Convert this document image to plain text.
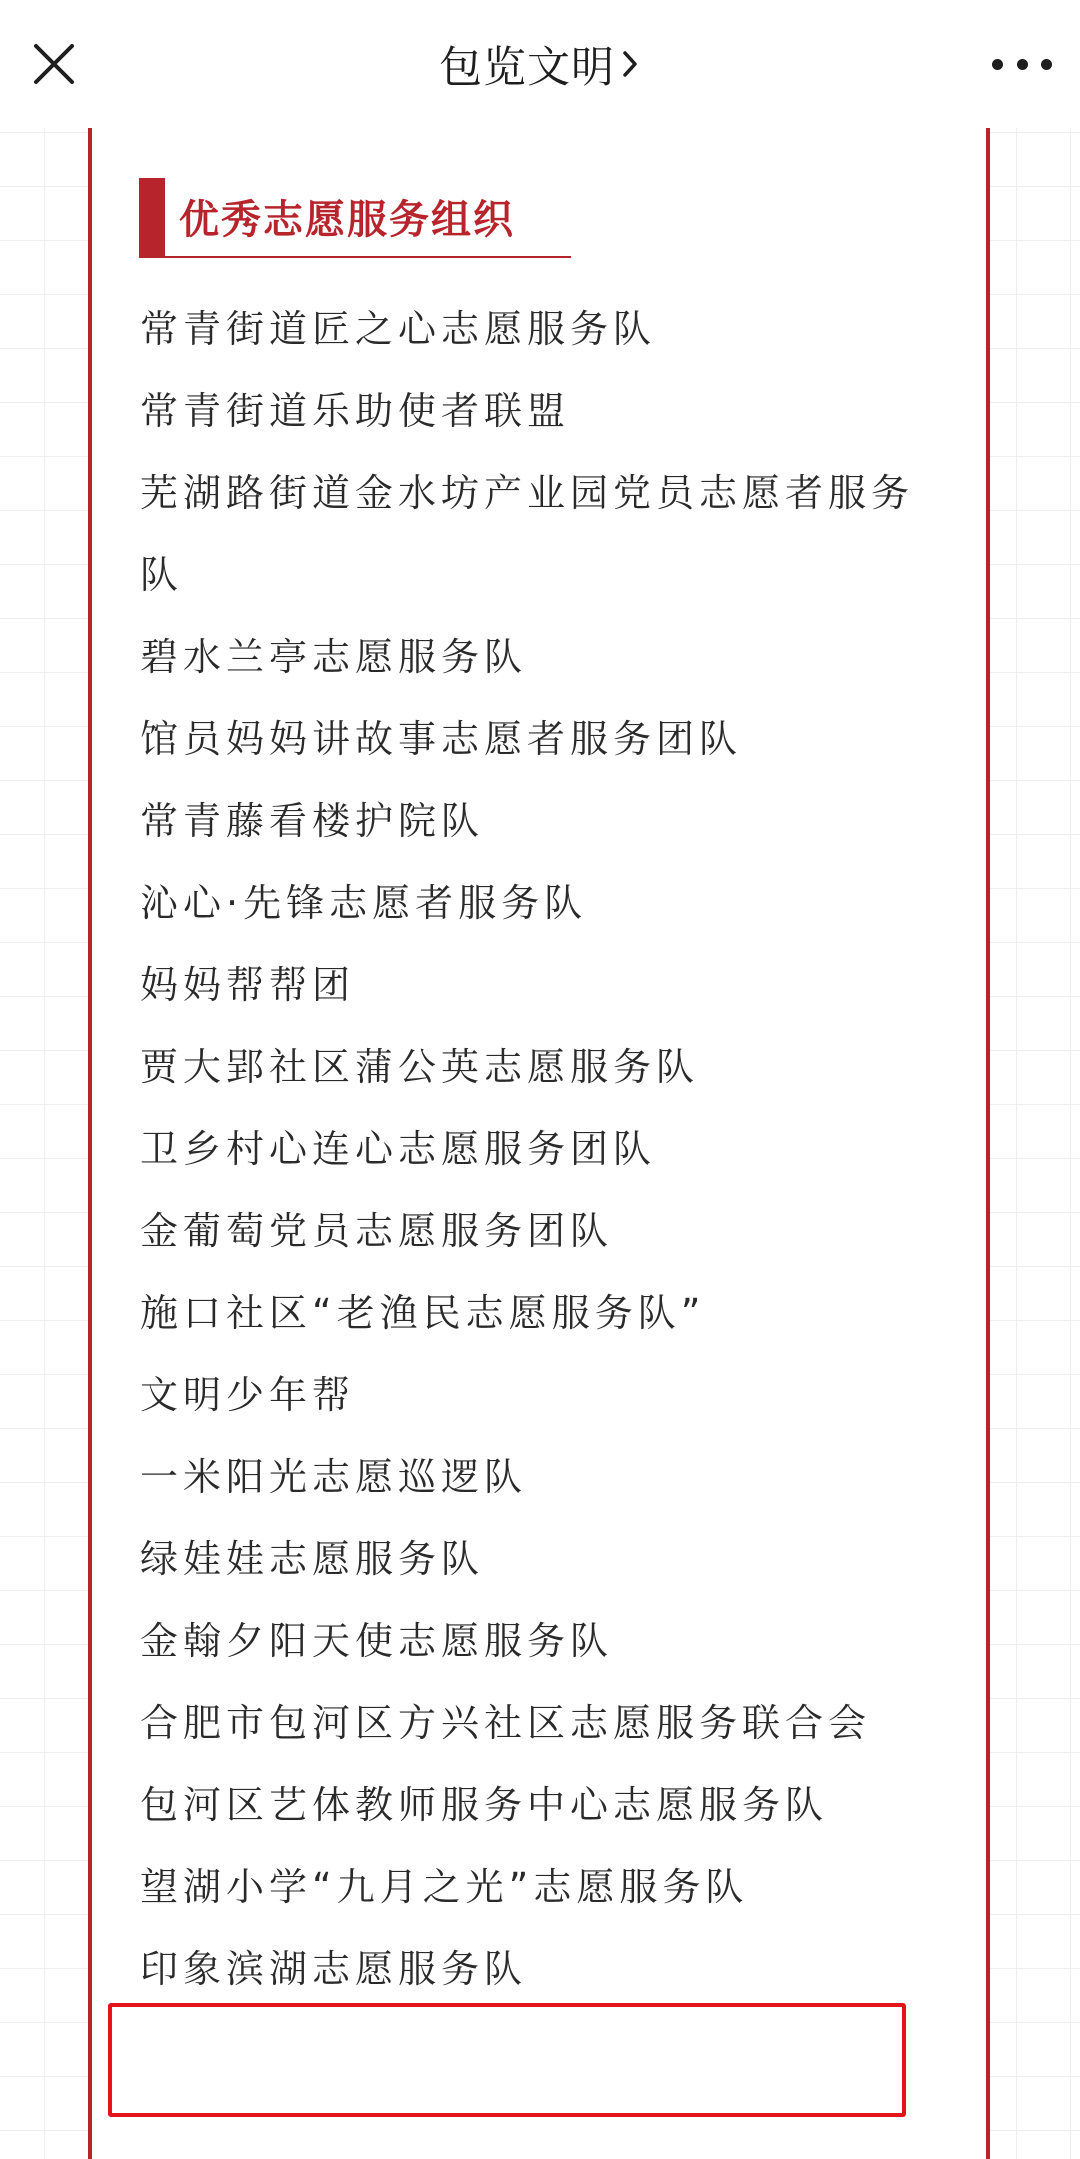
包览文明
优秀志愿服务组织
常青街道匠之心志愿服务队
常青街道乐助使者联盟
芜湖路街道金水坊产业园党员志愿者服务队
碧水兰亭志愿服务队
馆员妈妈讲故事志愿者服务团队
常青藤看楼护院队
沁心·先锋志愿者服务队
妈妈帮帮团
贾大郢社区蒲公英志愿服务队
卫乡村心连心志愿服务团队
金葡萄党员志愿服务团队
施口社区“老渔民志愿服务队”
文明少年帮
一米阳光志愿巡逻队
绿娃娃志愿服务队
金翰夕阳天使志愿服务队
合肥市包河区方兴社区志愿服务联合会
包河区艺体教师服务中心志愿服务队
望湖小学“九月之光”志愿服务队
印象滨湖志愿服务队
